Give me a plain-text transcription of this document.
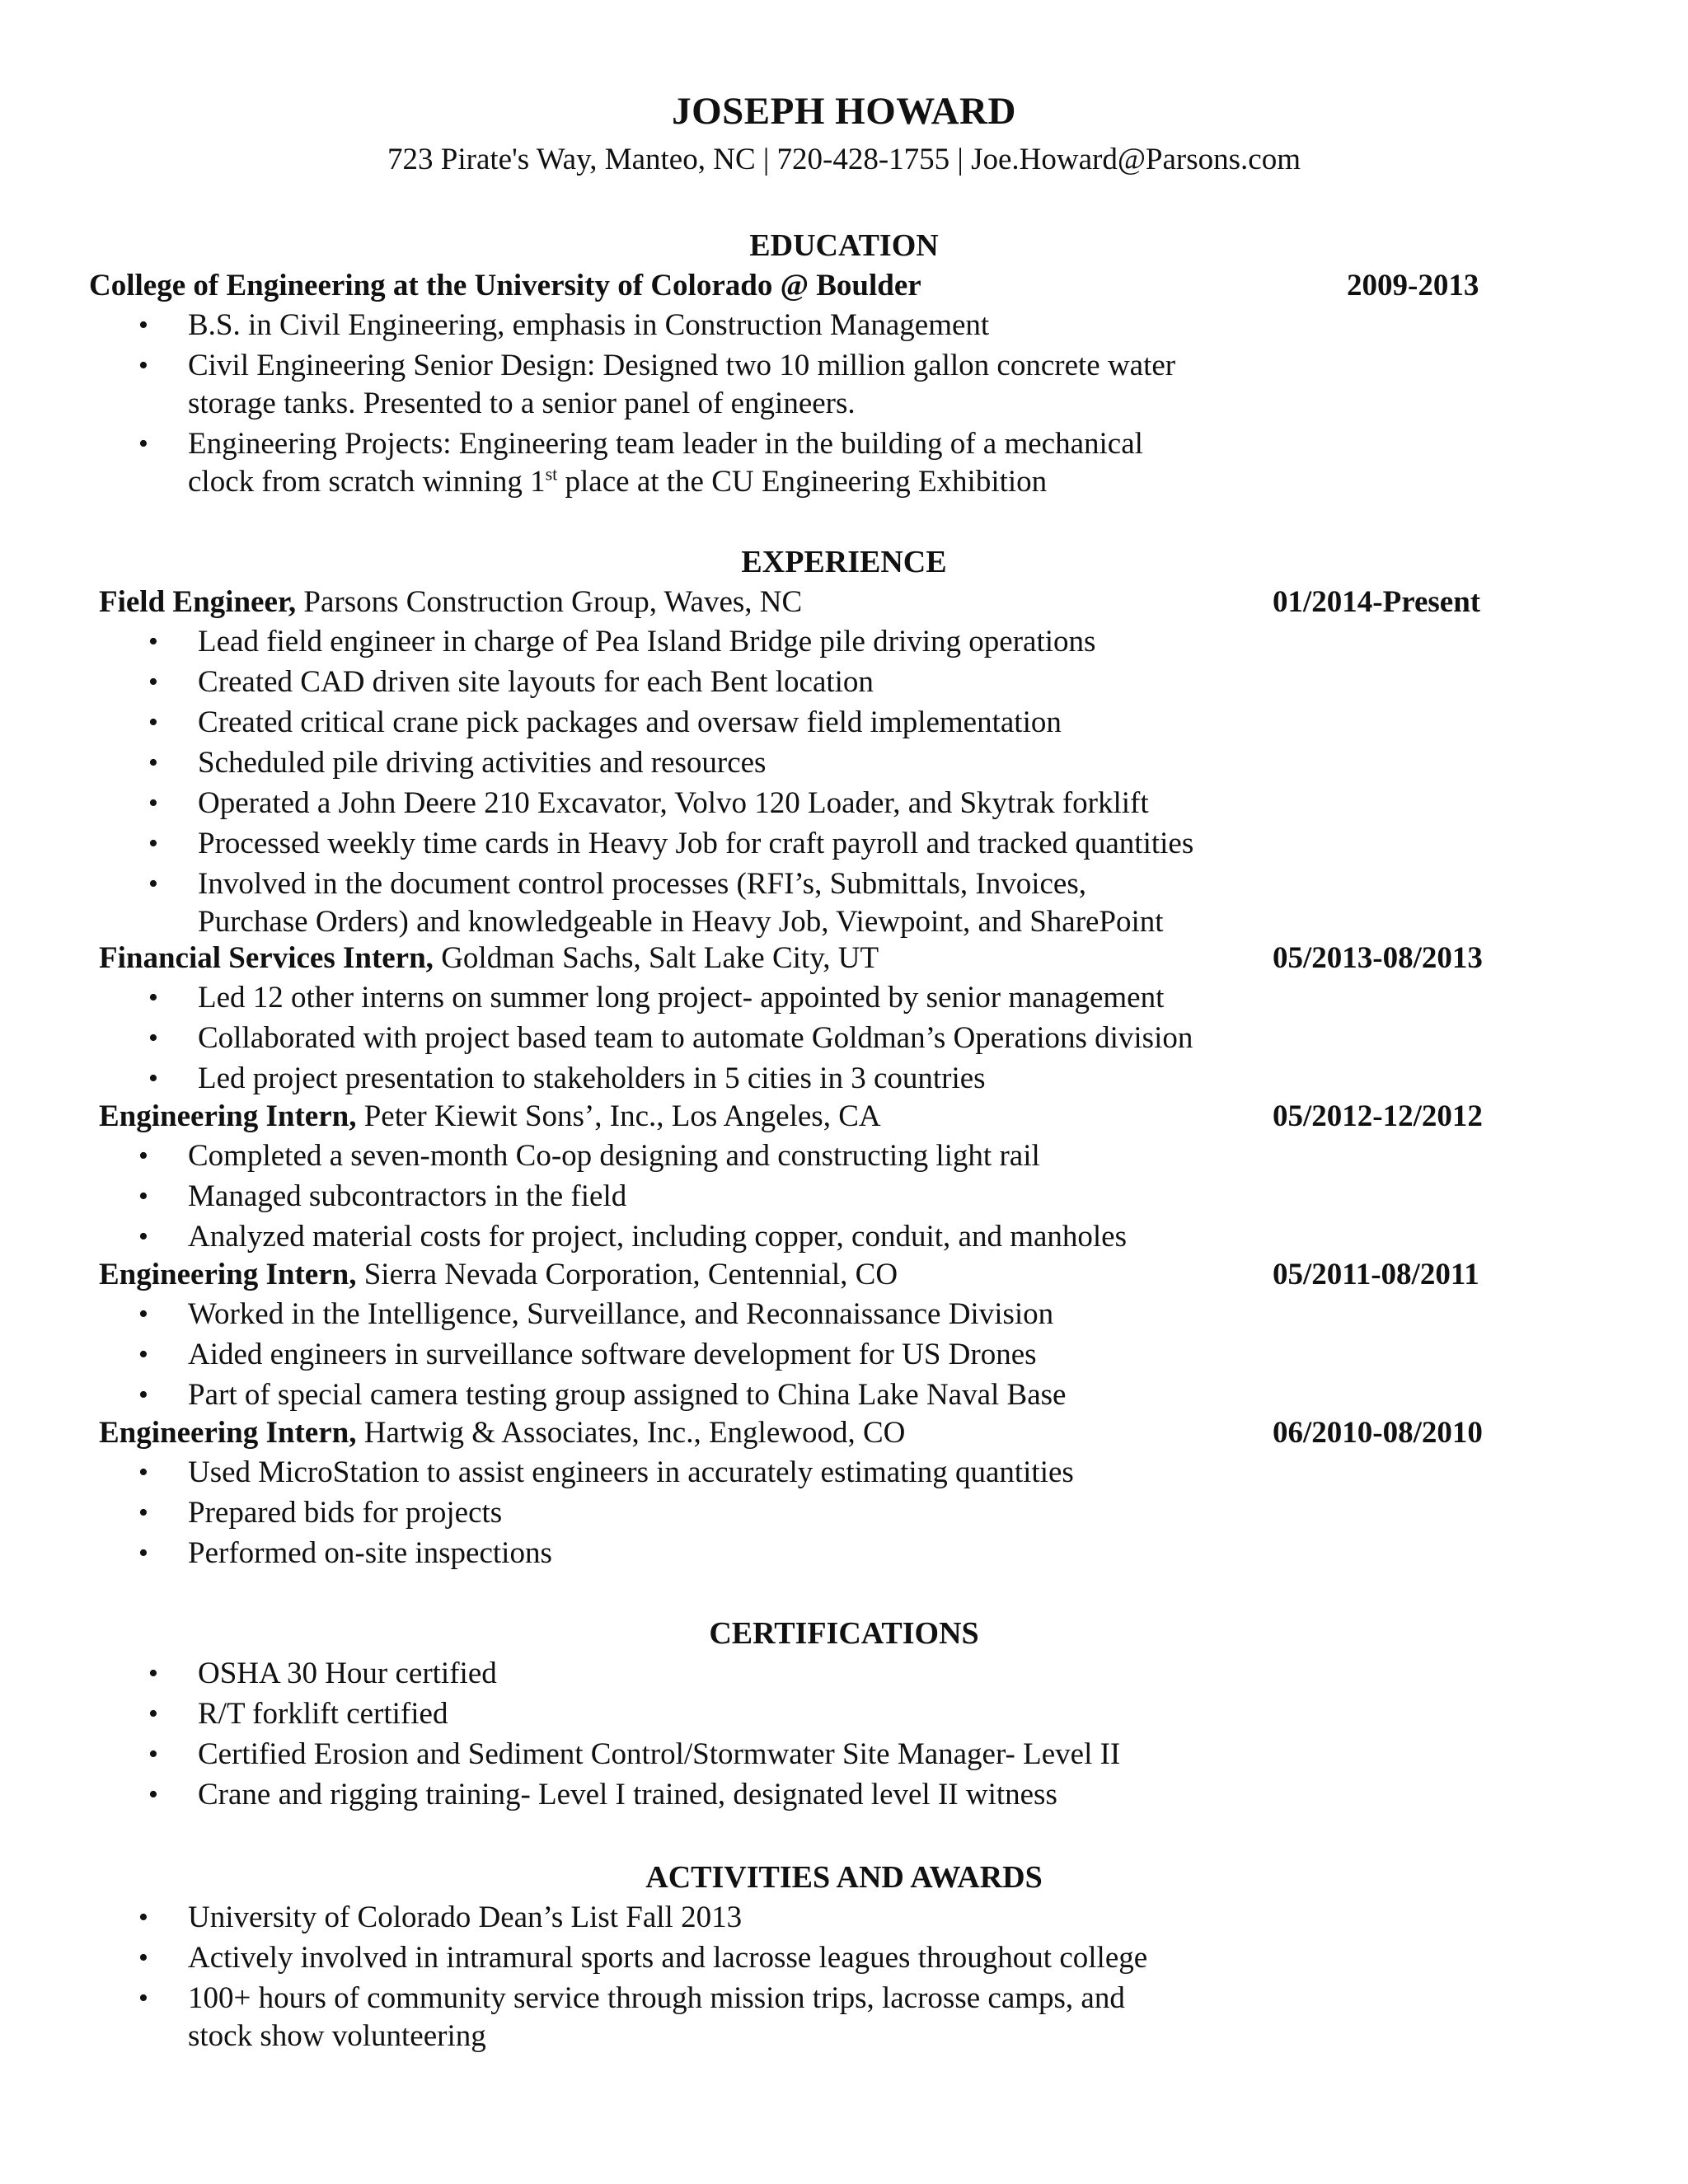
JOSEPH HOWARD
723 Pirate's Way, Manteo, NC | 720-428-1755 | Joe.Howard@Parsons.com
EDUCATION
College of Engineering at the University of Colorado @ Boulder	2009-2013
• B.S. in Civil Engineering, emphasis in Construction Management
• Civil Engineering Senior Design: Designed two 10 million gallon concrete water
storage tanks. Presented to a senior panel of engineers.
• Engineering Projects: Engineering team leader in the building of a mechanical
clock from scratch winning 1st place at the CU Engineering Exhibition
EXPERIENCE
Field Engineer, Parsons Construction Group, Waves, NC	01/2014-Present
• Lead field engineer in charge of Pea Island Bridge pile driving operations
• Created CAD driven site layouts for each Bent location
• Created critical crane pick packages and oversaw field implementation
• Scheduled pile driving activities and resources
• Operated a John Deere 210 Excavator, Volvo 120 Loader, and Skytrak forklift
• Processed weekly time cards in Heavy Job for craft payroll and tracked quantities
• Involved in the document control processes (RFI’s, Submittals, Invoices,
Purchase Orders) and knowledgeable in Heavy Job, Viewpoint, and SharePoint
Financial Services Intern, Goldman Sachs, Salt Lake City, UT	05/2013-08/2013
• Led 12 other interns on summer long project- appointed by senior management
• Collaborated with project based team to automate Goldman’s Operations division
• Led project presentation to stakeholders in 5 cities in 3 countries
Engineering Intern, Peter Kiewit Sons’, Inc., Los Angeles, CA	05/2012-12/2012
• Completed a seven-month Co-op designing and constructing light rail
• Managed subcontractors in the field
• Analyzed material costs for project, including copper, conduit, and manholes
Engineering Intern, Sierra Nevada Corporation, Centennial, CO	05/2011-08/2011
• Worked in the Intelligence, Surveillance, and Reconnaissance Division
• Aided engineers in surveillance software development for US Drones
• Part of special camera testing group assigned to China Lake Naval Base
Engineering Intern, Hartwig & Associates, Inc., Englewood, CO	06/2010-08/2010
• Used MicroStation to assist engineers in accurately estimating quantities
• Prepared bids for projects
• Performed on-site inspections
CERTIFICATIONS
• OSHA 30 Hour certified
• R/T forklift certified
• Certified Erosion and Sediment Control/Stormwater Site Manager- Level II
• Crane and rigging training- Level I trained, designated level II witness
ACTIVITIES AND AWARDS
• University of Colorado Dean’s List Fall 2013
• Actively involved in intramural sports and lacrosse leagues throughout college
• 100+ hours of community service through mission trips, lacrosse camps, and
stock show volunteering
